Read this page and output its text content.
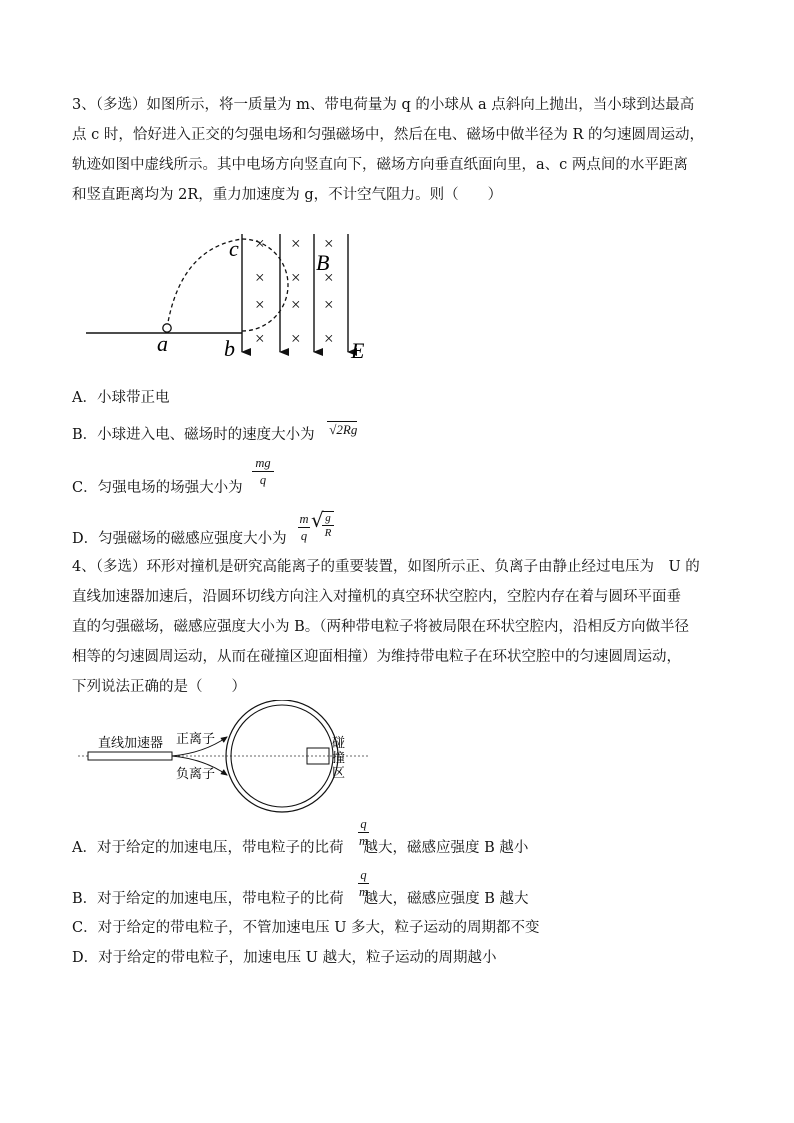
3、（多选）如图所示，将一质量为 m、带电荷量为 q 的小球从 a 点斜向上抛出，当小球到达最高
点 c 时，恰好进入正交的匀强电场和匀强磁场中，然后在电、磁场中做半径为 R 的匀速圆周运动，
轨迹如图中虚线所示。其中电场方向竖直向下，磁场方向垂直纸面向里，a、c 两点间的水平距离
和竖直距离均为 2R，重力加速度为 g，不计空气阻力。则（　　）
× × ×
× × ×
× × ×
× × ×
c
B
a	b	E
A．小球带正电
B．小球进入电、磁场时的速度大小为 √2Rg
C．匀强电场的场强大小为
mg
q
D．匀强磁场的磁感应强度大小为
m
q
√ g
R
4、（多选）环形对撞机是研究高能离子的重要装置，如图所示正、负离子由静止经过电压为　U 的
直线加速器加速后，沿圆环切线方向注入对撞机的真空环状空腔内，空腔内存在着与圆环平面垂
直的匀强磁场，磁感应强度大小为 B。（两种带电粒子将被局限在环状空腔内，沿相反方向做半径
相等的匀速圆周运动，从而在碰撞区迎面相撞）为维持带电粒子在环状空腔中的匀速圆周运动，
下列说法正确的是（　　）
直线加速器 正离子
负离子
碰
撞
区
A．对于给定的加速电压，带电粒子的比荷 越大，磁感应强度 B 越小
q
m
B．对于给定的加速电压，带电粒子的比荷 越大，磁感应强度 B 越大
q
m
C．对于给定的带电粒子，不管加速电压 U 多大，粒子运动的周期都不变
D．对于给定的带电粒子，加速电压 U 越大，粒子运动的周期越小
